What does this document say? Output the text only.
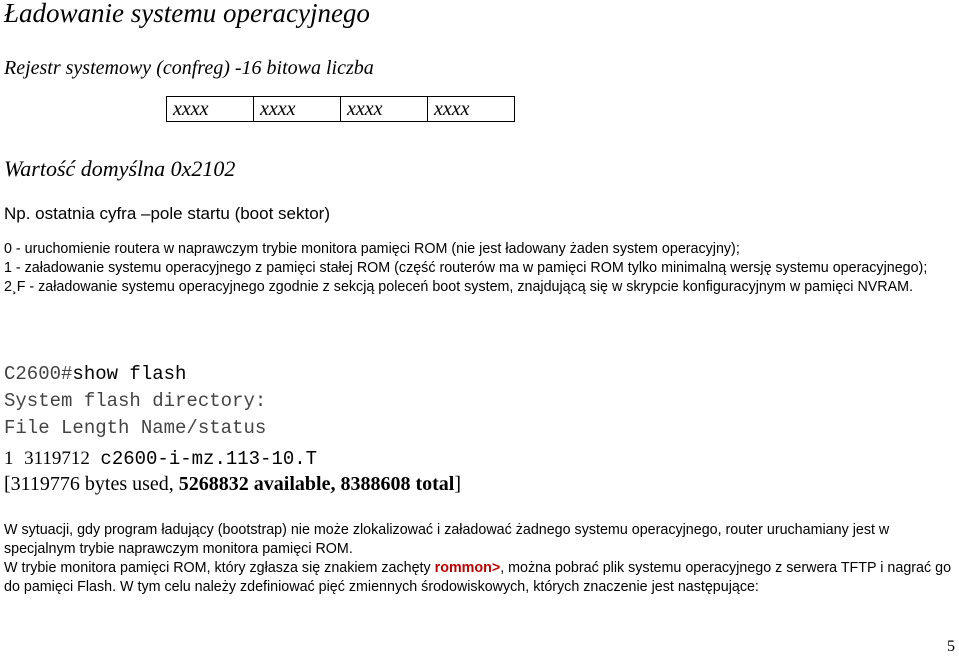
Ładowanie systemu operacyjnego
Rejestr systemowy (confreg) -16 bitowa liczba
xxxx	xxxx	xxxx	xxxx
Wartość domyślna 0x2102
Np. ostatnia cyfra –pole startu (boot sektor)
0 - uruchomienie routera w naprawczym trybie monitora pamięci ROM (nie jest ładowany żaden system operacyjny);
1 - załadowanie systemu operacyjnego z pamięci stałej ROM (część routerów ma w pamięci ROM tylko minimalną wersję systemu operacyjnego);
2¸F - załadowanie systemu operacyjnego zgodnie z sekcją poleceń boot system, znajdującą się w skrypcie konfiguracyjnym w pamięci NVRAM.
C2600#show flash
System flash directory:
File Length Name/status
1 3119712 c2600-i-mz.113-10.T
[3119776 bytes used, 5268832 available, 8388608 total]
W sytuacji, gdy program ładujący (bootstrap) nie może zlokalizować i załadować żadnego systemu operacyjnego, router uruchamiany jest w specjalnym trybie naprawczym monitora pamięci ROM.
W trybie monitora pamięci ROM, który zgłasza się znakiem zachęty rommon>, można pobrać plik systemu operacyjnego z serwera TFTP i nagrać go do pamięci Flash. W tym celu należy zdefiniować pięć zmiennych środowiskowych, których znaczenie jest następujące:
5
